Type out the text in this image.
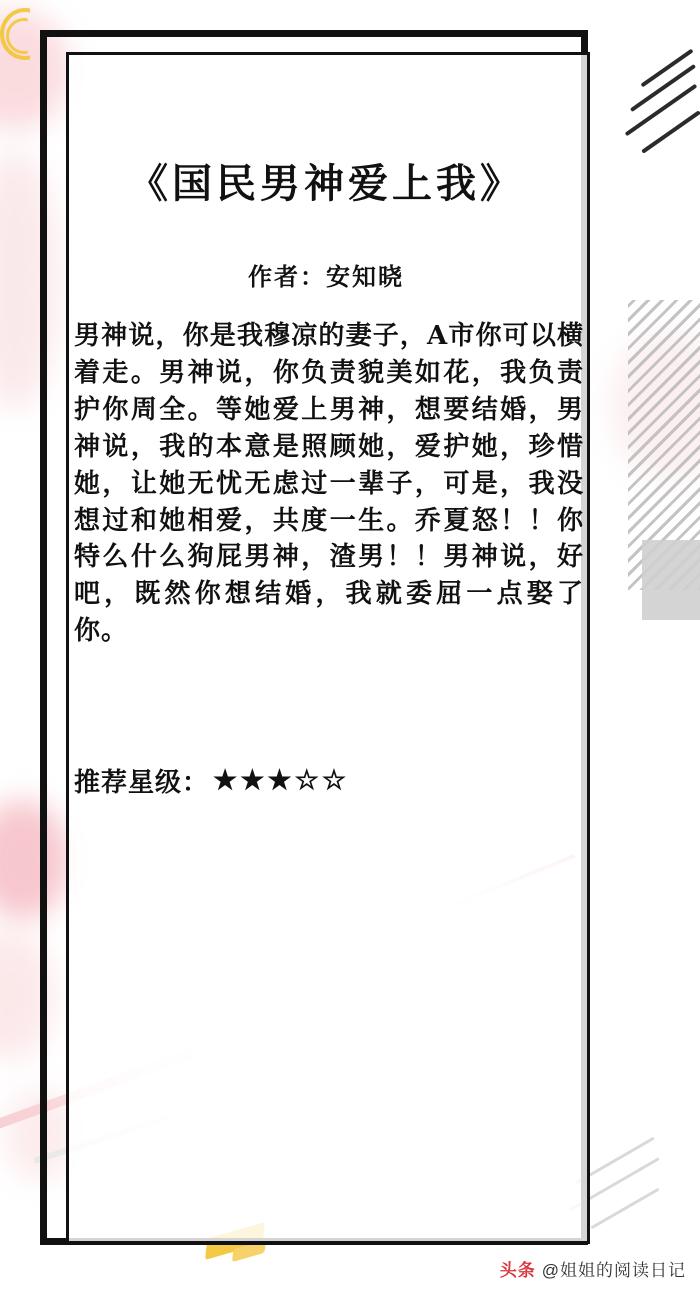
《国民男神爱上我》
作者：安知晓
男神说，你是我穆凉的妻子，A市你可以横着走。男神说，你负责貌美如花，我负责护你周全。等她爱上男神，想要结婚，男神说，我的本意是照顾她，爱护她，珍惜她，让她无忧无虑过一辈子，可是，我没想过和她相爱，共度一生。乔夏怒！！你特么什么狗屁男神，渣男！！男神说，好吧，既然你想结婚，我就委屈一点娶了你。
推荐星级： ★★★☆☆
头条 @姐姐的阅读日记
